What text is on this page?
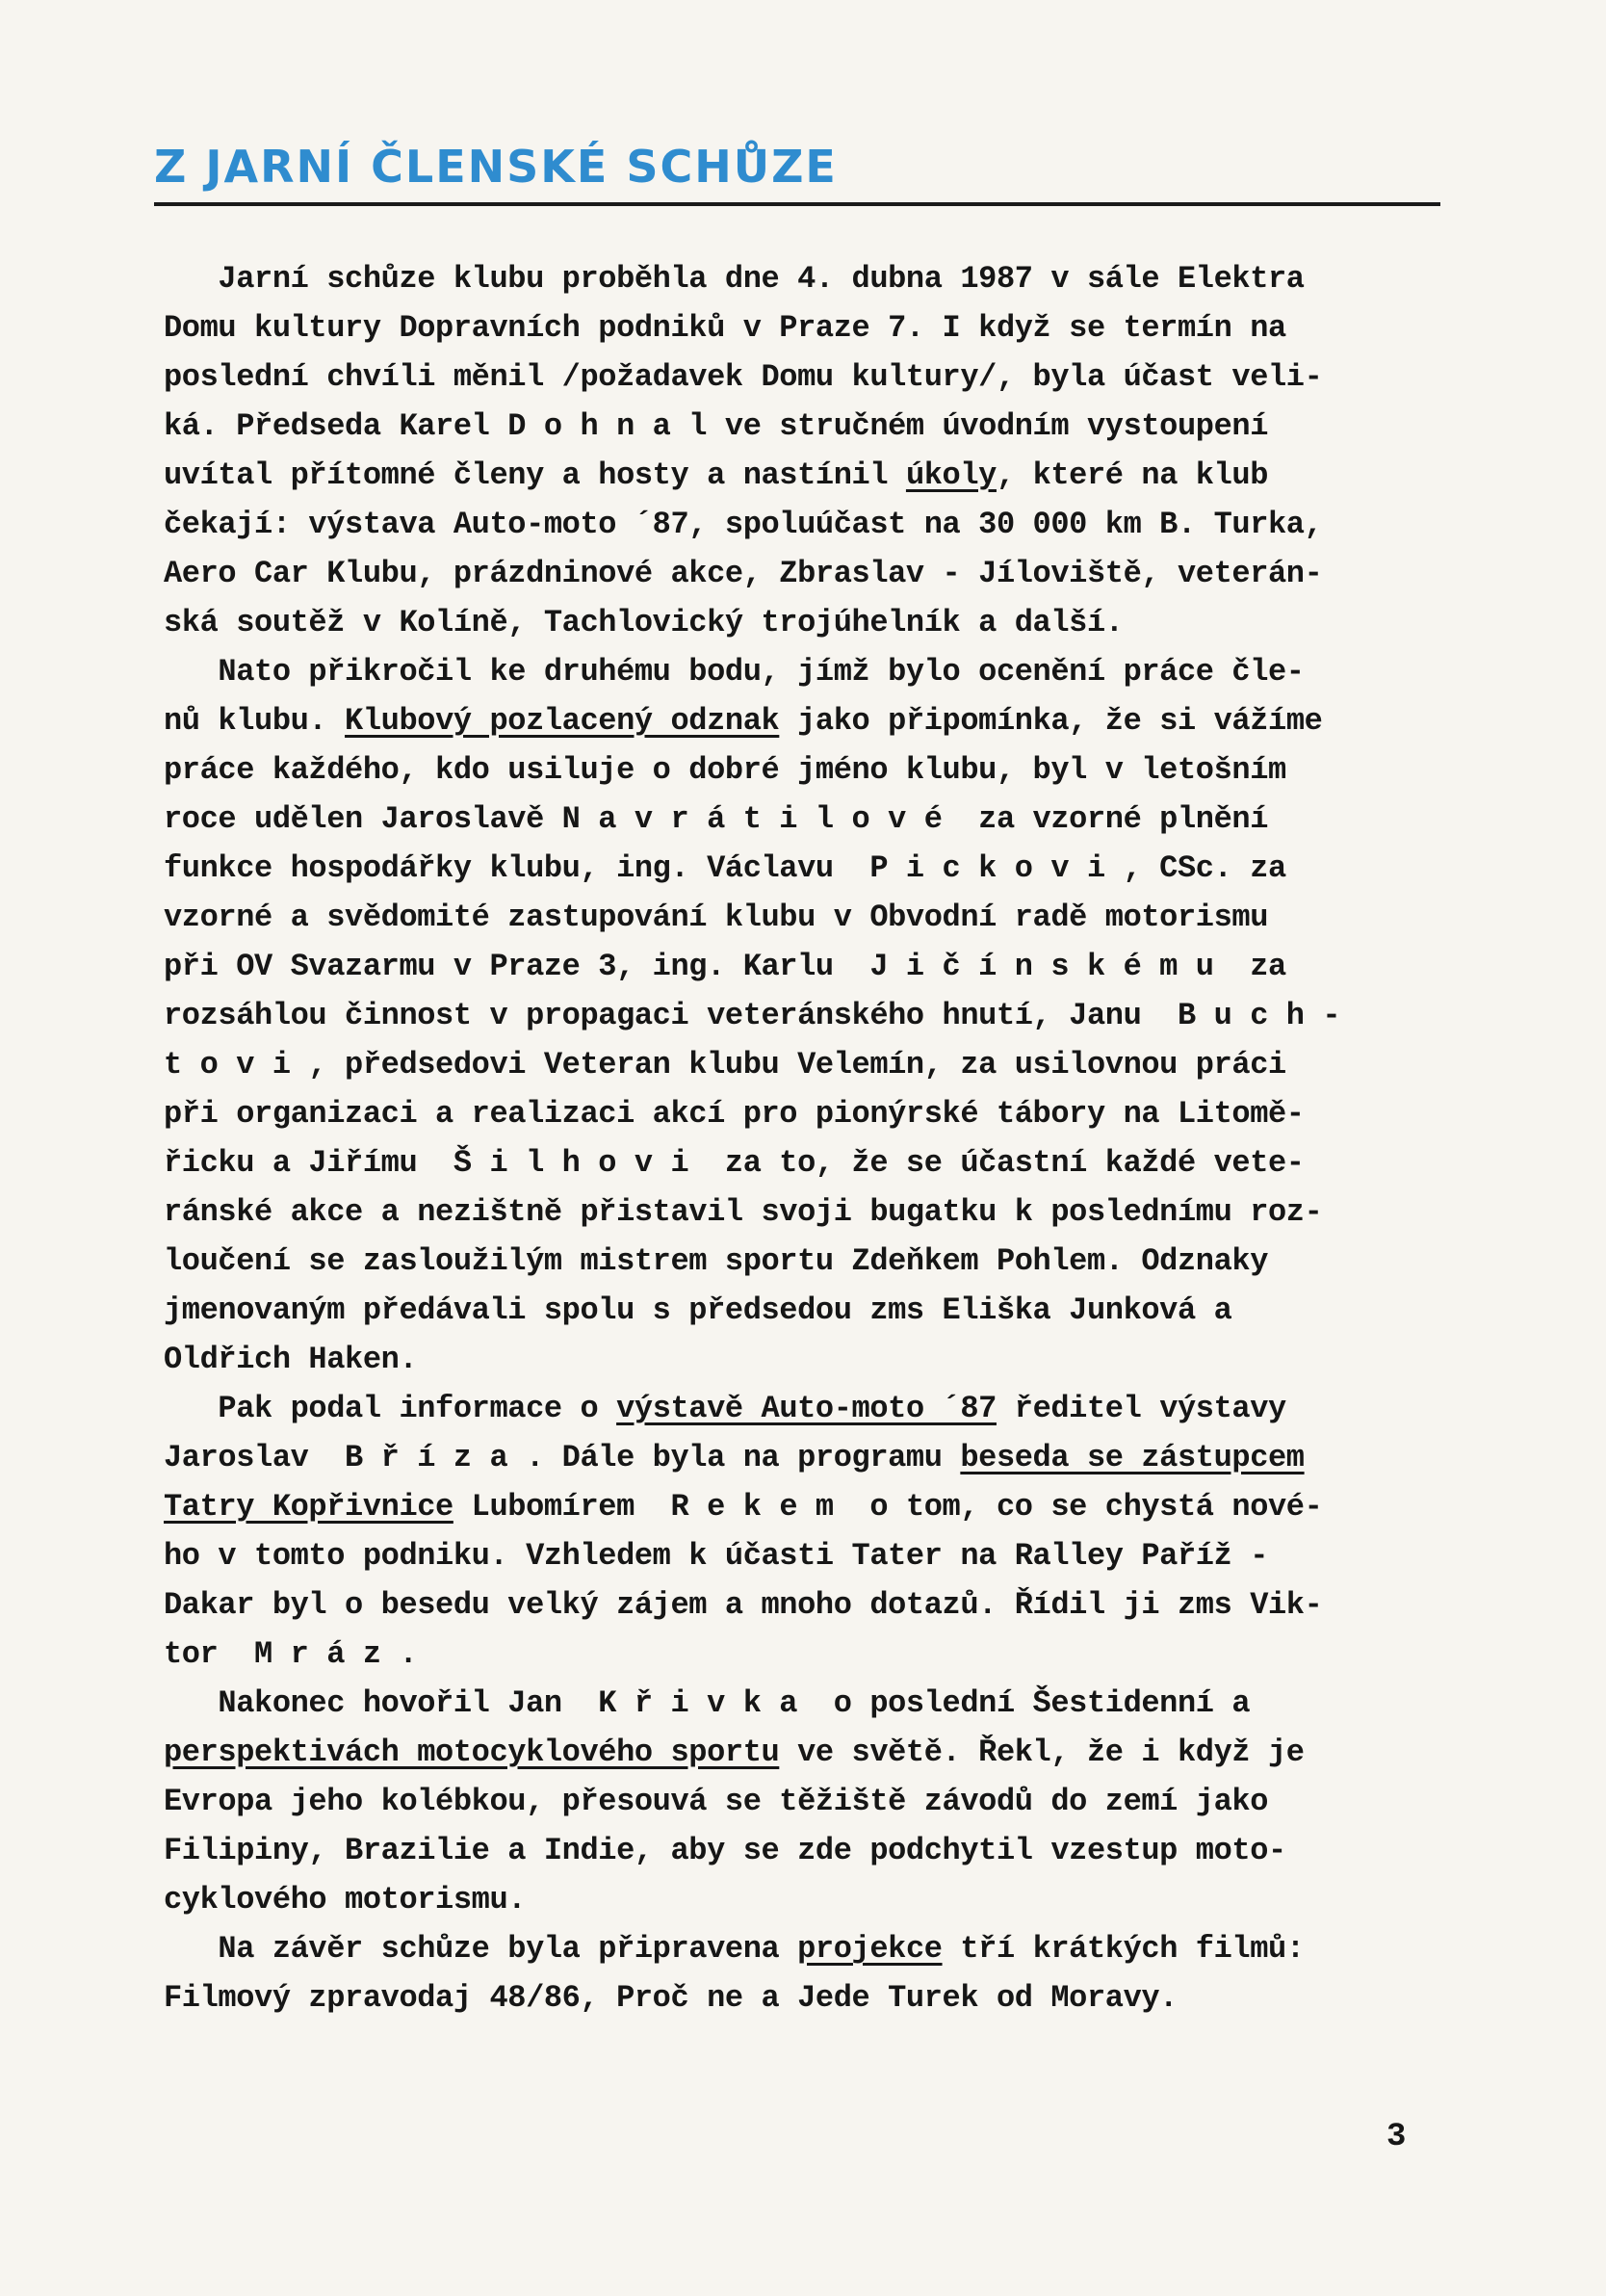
Z JARNÍ ČLENSKÉ SCHŮZE
Jarní schůze klubu proběhla dne 4. dubna 1987 v sále Elektra
Domu kultury Dopravních podniků v Praze 7. I když se termín na
poslední chvíli měnil /požadavek Domu kultury/, byla účast veli-
ká. Předseda Karel D o h n a l ve stručném úvodním vystoupení
uvítal přítomné členy a hosty a nastínil úkoly, které na klub
čekají: výstava Auto-moto ´87, spoluúčast na 30 000 km B. Turka,
Aero Car Klubu, prázdninové akce, Zbraslav - Jíloviště, veterán-
ská soutěž v Kolíně, Tachlovický trojúhelník a další.
Nato přikročil ke druhému bodu, jímž bylo ocenění práce čle-
nů klubu. Klubový pozlacený odznak jako připomínka, že si vážíme
práce každého, kdo usiluje o dobré jméno klubu, byl v letošním
roce udělen Jaroslavě N a v r á t i l o v é  za vzorné plnění
funkce hospodářky klubu, ing. Václavu  P i c k o v i , CSc. za
vzorné a svědomité zastupování klubu v Obvodní radě motorismu
při OV Svazarmu v Praze 3, ing. Karlu  J i č í n s k é m u  za
rozsáhlou činnost v propagaci veteránského hnutí, Janu  B u c h -
t o v i , předsedovi Veteran klubu Velemín, za usilovnou práci
při organizaci a realizaci akcí pro pionýrské tábory na Litomě-
řicku a Jiřímu  Š i l h o v i  za to, že se účastní každé vete-
ránské akce a nezištně přistavil svoji bugatku k poslednímu roz-
loučení se zasloužilým mistrem sportu Zdeňkem Pohlem. Odznaky
jmenovaným předávali spolu s předsedou zms Eliška Junková a
Oldřich Haken.
Pak podal informace o výstavě Auto-moto ´87 ředitel výstavy
Jaroslav  B ř í z a . Dále byla na programu beseda se zástupcem
Tatry Kopřivnice Lubomírem  R e k e m  o tom, co se chystá nové-
ho v tomto podniku. Vzhledem k účasti Tater na Ralley Paříž -
Dakar byl o besedu velký zájem a mnoho dotazů. Řídil ji zms Vik-
tor  M r á z .
Nakonec hovořil Jan  K ř i v k a  o poslední Šestidenní a
perspektivách motocyklového sportu ve světě. Řekl, že i když je
Evropa jeho kolébkou, přesouvá se těžiště závodů do zemí jako
Filipiny, Brazilie a Indie, aby se zde podchytil vzestup moto-
cyklového motorismu.
Na závěr schůze byla připravena projekce tří krátkých filmů:
Filmový zpravodaj 48/86, Proč ne a Jede Turek od Moravy.
3
